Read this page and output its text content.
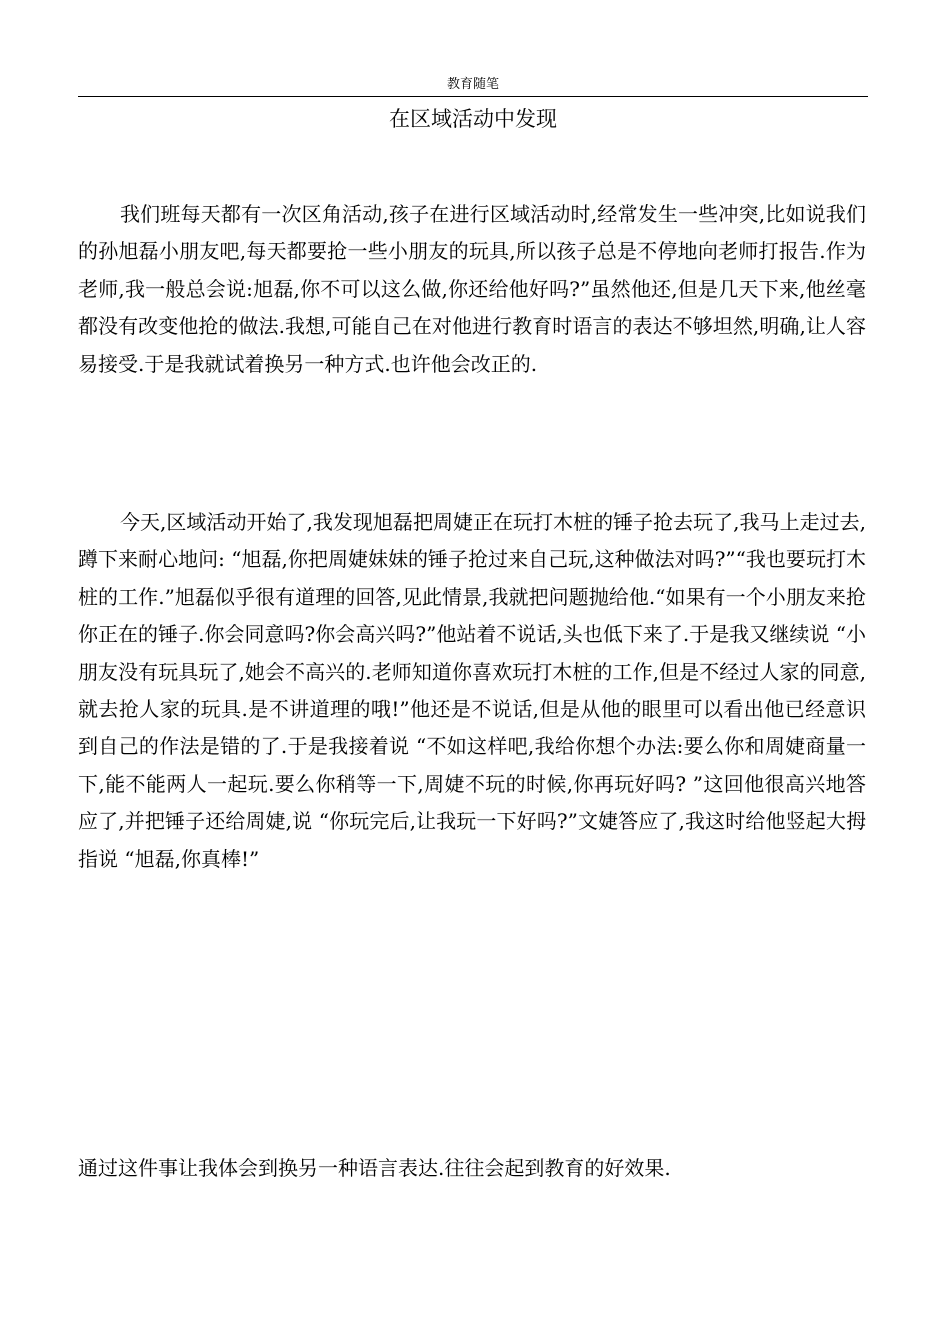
教育随笔
在区域活动中发现

我们班每天都有一次区角活动,孩子在进行区域活动时,经常发生一些冲突,比如说我们的孙旭磊小朋友吧,每天都要抢一些小朋友的玩具,所以孩子总是不停地向老师打报告.作为老师,我一般总会说:旭磊,你不可以这么做,你还给他好吗?”虽然他还,但是几天下来,他丝毫都没有改变他抢的做法.我想,可能自己在对他进行教育时语言的表达不够坦然,明确,让人容易接受.于是我就试着换另一种方式.也许他会改正的.

今天,区域活动开始了,我发现旭磊把周婕正在玩打木桩的锤子抢去玩了,我马上走过去,蹲下来耐心地问: “旭磊,你把周婕妹妹的锤子抢过来自己玩,这种做法对吗?”“我也要玩打木桩的工作.”旭磊似乎很有道理的回答,见此情景,我就把问题抛给他.“如果有一个小朋友来抢你正在的锤子.你会同意吗?你会高兴吗?”他站着不说话,头也低下来了.于是我又继续说 “小朋友没有玩具玩了,她会不高兴的.老师知道你喜欢玩打木桩的工作,但是不经过人家的同意,就去抢人家的玩具.是不讲道理的哦!”他还是不说话,但是从他的眼里可以看出他已经意识到自己的作法是错的了.于是我接着说 “不如这样吧,我给你想个办法:要么你和周婕商量一下,能不能两人一起玩.要么你稍等一下,周婕不玩的时候,你再玩好吗? ”这回他很高兴地答应了,并把锤子还给周婕,说 “你玩完后,让我玩一下好吗?”文婕答应了,我这时给他竖起大拇指说 “旭磊,你真棒!”

通过这件事让我体会到换另一种语言表达.往往会起到教育的好效果.
